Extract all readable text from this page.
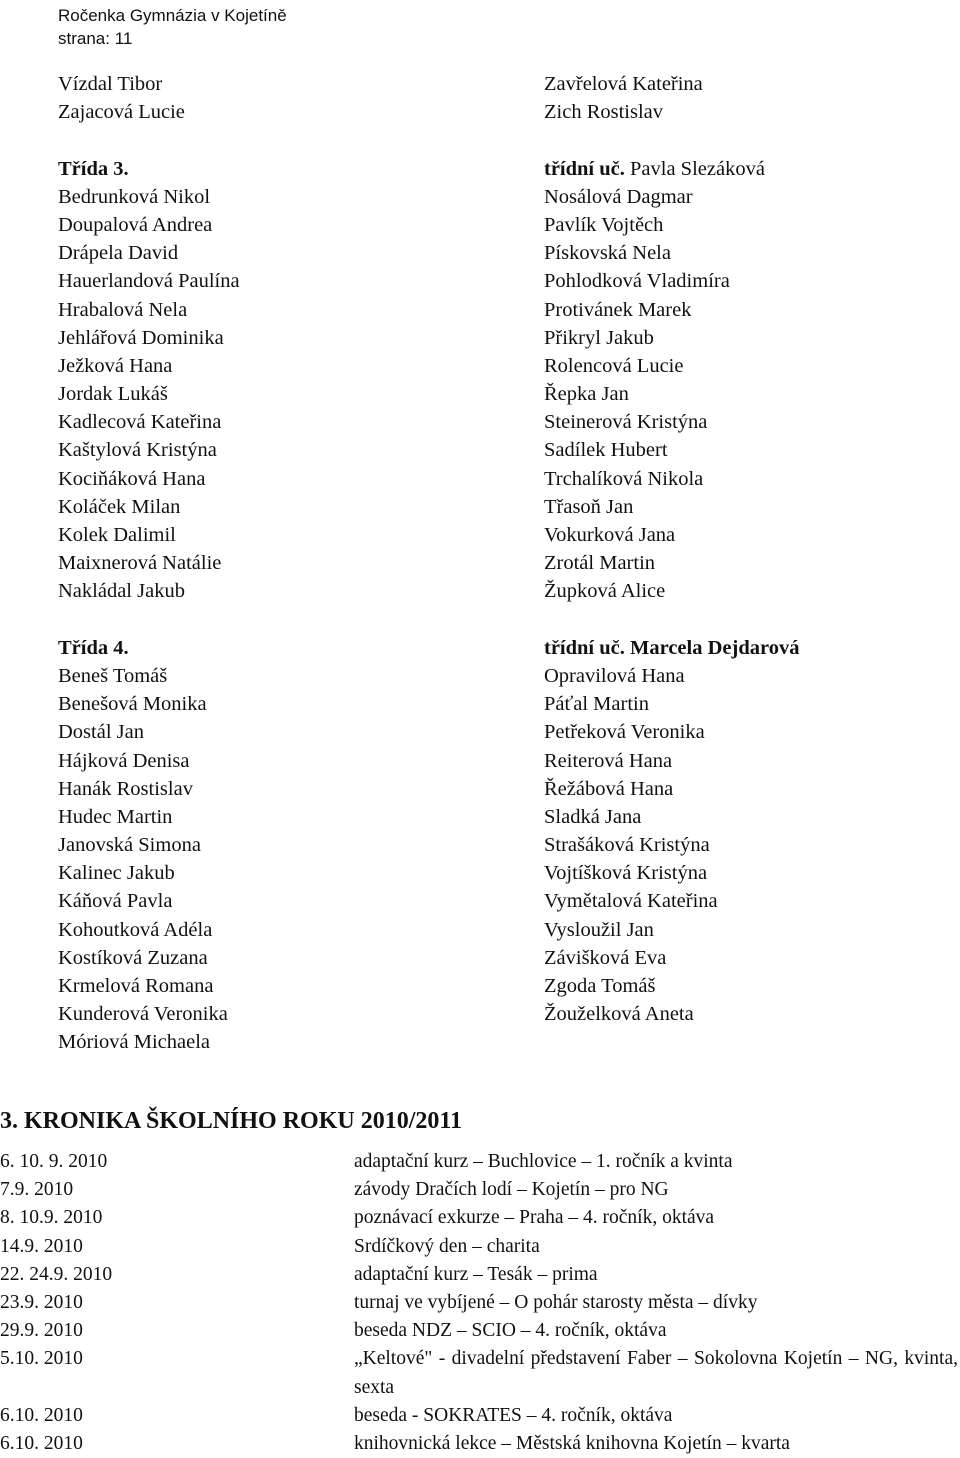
Ročenka Gymnázia v Kojetíně
strana: 11
Vízdal Tibor
Zajacová Lucie
Třída 3.
Bedrunková Nikol
Doupalová Andrea
Drápela David
Hauerlandová Paulína
Hrabalová Nela
Jehlářová Dominika
Ježková Hana
Jordak Lukáš
Kadlecová Kateřina
Kaštylová Kristýna
Kociňáková Hana
Koláček Milan
Kolek Dalimil
Maixnerová Natálie
Nakládal Jakub
Třída 4.
Beneš Tomáš
Benešová Monika
Dostál Jan
Hájková Denisa
Hanák Rostislav
Hudec Martin
Janovská Simona
Kalinec Jakub
Káňová Pavla
Kohoutková Adéla
Kostíková Zuzana
Krmelová Romana
Kunderová Veronika
Móriová Michaela
Zavřelová Kateřina
Zich Rostislav
třídní uč. Pavla Slezáková
Nosálová Dagmar
Pavlík Vojtěch
Pískovská Nela
Pohlodková Vladimíra
Protivánek Marek
Přikryl Jakub
Rolencová Lucie
Řepka Jan
Steinerová Kristýna
Sadílek Hubert
Trchalíková Nikola
Třasoň Jan
Vokurková Jana
Zrotál Martin
Župková Alice
třídní uč. Marcela Dejdarová
Opravilová Hana
Páťal Martin
Petřeková Veronika
Reiterová Hana
Řežábová Hana
Sladká Jana
Strašáková Kristýna
Vojtíšková Kristýna
Vymětalová Kateřina
Vysloužil Jan
Závišková Eva
Zgoda Tomáš
Žouželková Aneta
3. KRONIKA ŠKOLNÍHO ROKU 2010/2011
6. 10. 9. 2010	adaptační kurz – Buchlovice – 1. ročník a kvinta
7.9. 2010	závody Dračích lodí – Kojetín – pro NG
8. 10.9. 2010	poznávací exkurze – Praha – 4. ročník, oktáva
14.9. 2010	Srdíčkový den – charita
22. 24.9. 2010	adaptační kurz – Tesák – prima
23.9. 2010	turnaj ve vybíjené – O pohár starosty města – dívky
29.9. 2010	beseda NDZ – SCIO – 4. ročník, oktáva
5.10. 2010	„Keltové" - divadelní představení Faber – Sokolovna Kojetín – NG, kvinta, sexta
6.10. 2010	beseda - SOKRATES – 4. ročník, oktáva
6.10. 2010	knihovnická lekce – Městská knihovna Kojetín – kvarta
